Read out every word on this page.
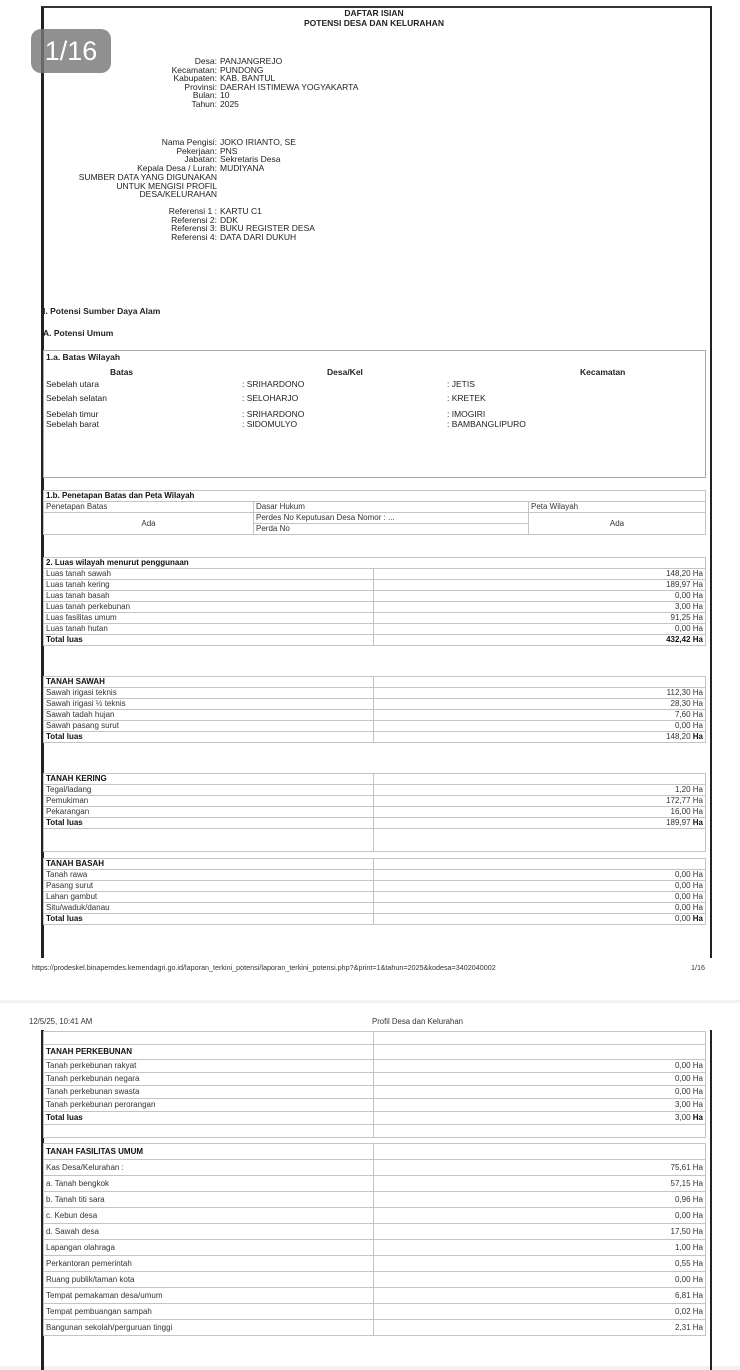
1/16
DAFTAR ISIAN
POTENSI DESA DAN KELURAHAN
Desa: PANJANGREJO
Kecamatan: PUNDONG
Kabupaten: KAB. BANTUL
Provinsi: DAERAH ISTIMEWA YOGYAKARTA
Bulan: 10
Tahun: 2025
Nama Pengisi: JOKO IRIANTO, SE
Pekerjaan: PNS
Jabatan: Sekretaris Desa
Kepala Desa / Lurah: MUDIYANA
SUMBER DATA YANG DIGUNAKAN
UNTUK MENGISI PROFIL
DESA/KELURAHAN
Referensi 1 : KARTU C1
Referensi 2: DDK
Referensi 3: BUKU REGISTER DESA
Referensi 4: DATA DARI DUKUH
I. Potensi Sumber Daya Alam
A. Potensi Umum
1.a. Batas Wilayah
Batas	Desa/Kel	Kecamatan
Sebelah utara	: SRIHARDONO	: JETIS
Sebelah selatan	: SELOHARJO	: KRETEK
Sebelah timur	: SRIHARDONO	: IMOGIRI
Sebelah barat	: SIDOMULYO	: BAMBANGLIPURO
1.b. Penetapan Batas dan Peta Wilayah		
Penetapan Batas	Dasar Hukum	Peta Wilayah
Ada	Perdes No Keputusan Desa Nomor : ...	Ada
	Perda No	
2. Luas wilayah menurut penggunaan	
Luas tanah sawah	148,20 Ha
Luas tanah kering	189,97 Ha
Luas tanah basah	0,00 Ha
Luas tanah perkebunan	3,00 Ha
Luas fasilitas umum	91,25 Ha
Luas tanah hutan	0,00 Ha
Total luas	432,42 Ha
TANAH SAWAH	
Sawah irigasi teknis	112,30 Ha
Sawah irigasi ½ teknis	28,30 Ha
Sawah tadah hujan	7,60 Ha
Sawah pasang surut	0,00 Ha
Total luas	148,20 Ha
TANAH KERING	
Tegal/ladang	1,20 Ha
Pemukiman	172,77 Ha
Pekarangan	16,00 Ha
Total luas	189,97 Ha

TANAH BASAH	
Tanah rawa	0,00 Ha
Pasang surut	0,00 Ha
Lahan gambut	0,00 Ha
Situ/waduk/danau	0,00 Ha
Total luas	0,00 Ha
https://prodeskel.binapemdes.kemendagri.go.id/laporan_terkini_potensi/laporan_terkini_potensi.php?&print=1&tahun=2025&kodesa=3402040002	1/16
12/5/25, 10:41 AM	Profil Desa dan Kelurahan

TANAH PERKEBUNAN	
Tanah perkebunan rakyat	0,00 Ha
Tanah perkebunan negara	0,00 Ha
Tanah perkebunan swasta	0,00 Ha
Tanah perkebunan perorangan	3,00 Ha
Total luas	3,00 Ha

TANAH FASILITAS UMUM	
Kas Desa/Kelurahan :	75,61 Ha
a. Tanah bengkok	57,15 Ha
b. Tanah titi sara	0,96 Ha
c. Kebun desa	0,00 Ha
d. Sawah desa	17,50 Ha
Lapangan olahraga	1,00 Ha
Perkantoran pemerintah	0,55 Ha
Ruang publik/taman kota	0,00 Ha
Tempat pemakaman desa/umum	6,81 Ha
Tempat pembuangan sampah	0,02 Ha
Bangunan sekolah/perguruan tinggi	2,31 Ha
